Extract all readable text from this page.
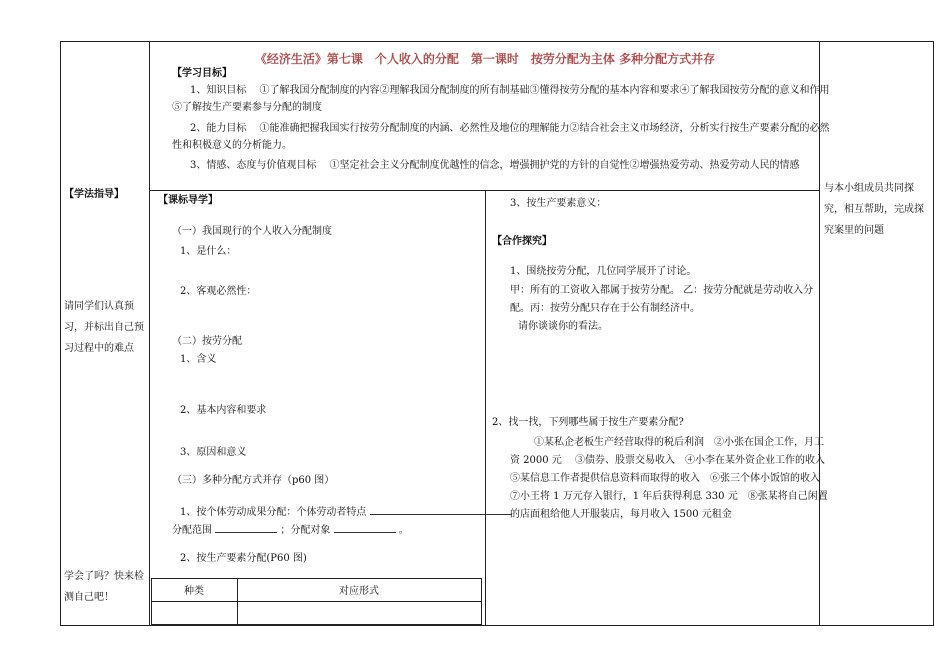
《经济生活》第七课　个人收入的分配　第一课时　按劳分配为主体 多种分配方式并存
【学法指导】
请同学们认真预习，并标出自己预习过程中的难点
学会了吗？快来检测自己吧！
【学习目标】
1、知识目标　 ①了解我国分配制度的内容②理解我国分配制度的所有制基础③懂得按劳分配的基本内容和要求④了解我国按劳分配的意义和作用
⑤了解按生产要素参与分配的制度
2、能力目标　 ①能准确把握我国实行按劳分配制度的内涵、必然性及地位的理解能力②结合社会主义市场经济，分析实行按生产要素分配的必然
性和积极意义的分析能力。
3、情感、态度与价值观目标　 ①坚定社会主义分配制度优越性的信念，增强拥护党的方针的自觉性②增强热爱劳动、热爱劳动人民的情感
【课标导学】
（一）我国现行的个人收入分配制度
1、是什么：
2、客观必然性：
（二）按劳分配
1、含义
2、基本内容和要求
3、原因和意义
（三）多种分配方式并存（p60 图）
1、按个体劳动成果分配：个体劳动者特点
分配范围	；分配对象	。
2、按生产要素分配(P60 图)
种类	对应形式
3、按生产要素意义：
【合作探究】
1、围绕按劳分配，几位同学展开了讨论。
甲：所有的工资收入都属于按劳分配。 乙：按劳分配就是劳动收入分
配。丙：按劳分配只存在于公有制经济中。
请你谈谈你的看法。
2、找一找，下列哪些属于按生产要素分配?
①某私企老板生产经营取得的税后利润　②小张在国企工作，月工
资 2000 元　 ③债券、股票交易收入　④小李在某外资企业工作的收入
⑤某信息工作者提供信息资料而取得的收入　⑥张三个体小饭馆的收入
⑦小王将 1 万元存入银行，1 年后获得利息 330 元　⑧张某将自己闲置
的店面租给他人开服装店，每月收入 1500 元租金
与本小组成员共同探究，相互帮助，完成探究案里的问题
